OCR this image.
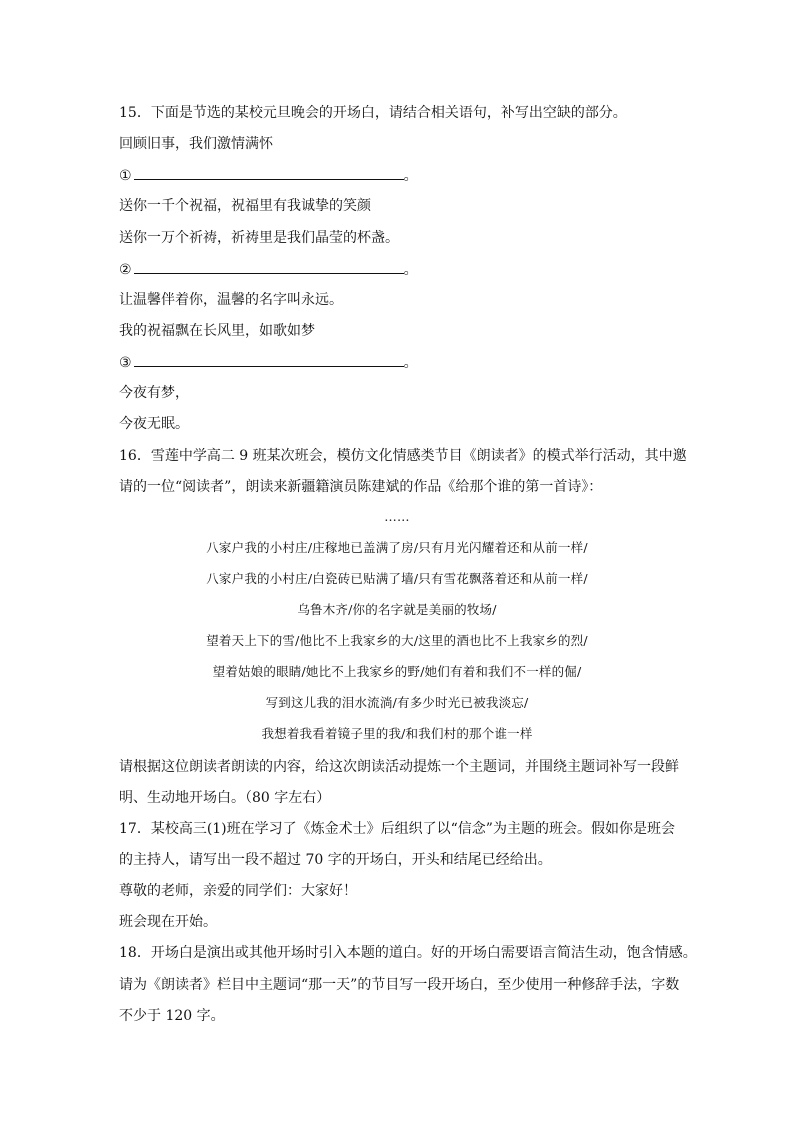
15．下面是节选的某校元旦晚会的开场白，请结合相关语句，补写出空缺的部分。
回顾旧事，我们激情满怀
①	。
送你一千个祝福，祝福里有我诚挚的笑颜
送你一万个祈祷，祈祷里是我们晶莹的杯盏。
②	。
让温馨伴着你，温馨的名字叫永远。
我的祝福飘在长风里，如歌如梦
③	。
今夜有梦，
今夜无眠。
16．雪莲中学高二 9 班某次班会，模仿文化情感类节目《朗读者》的模式举行活动，其中邀
请的一位“阅读者”，朗读来新疆籍演员陈建斌的作品《给那个谁的第一首诗》：
……
八家户我的小村庄/庄稼地已盖满了房/只有月光闪耀着还和从前一样/
八家户我的小村庄/白瓷砖已贴满了墙/只有雪花飘落着还和从前一样/
乌鲁木齐/你的名字就是美丽的牧场/
望着天上下的雪/他比不上我家乡的大/这里的酒也比不上我家乡的烈/
望着姑娘的眼睛/她比不上我家乡的野/她们有着和我们不一样的倔/
写到这儿我的泪水流淌/有多少时光已被我淡忘/
我想着我看着镜子里的我/和我们村的那个谁一样
请根据这位朗读者朗读的内容，给这次朗读活动提炼一个主题词，并围绕主题词补写一段鲜
明、生动地开场白。（80 字左右）
17．某校高三(1)班在学习了《炼金术士》后组织了以“信念”为主题的班会。假如你是班会
的主持人，请写出一段不超过 70 字的开场白，开头和结尾已经给出。
尊敬的老师，亲爱的同学们：大家好！
班会现在开始。
18．开场白是演出或其他开场时引入本题的道白。好的开场白需要语言简洁生动，饱含情感。
请为《朗读者》栏目中主题词“那一天”的节目写一段开场白，至少使用一种修辞手法，字数
不少于 120 字。
